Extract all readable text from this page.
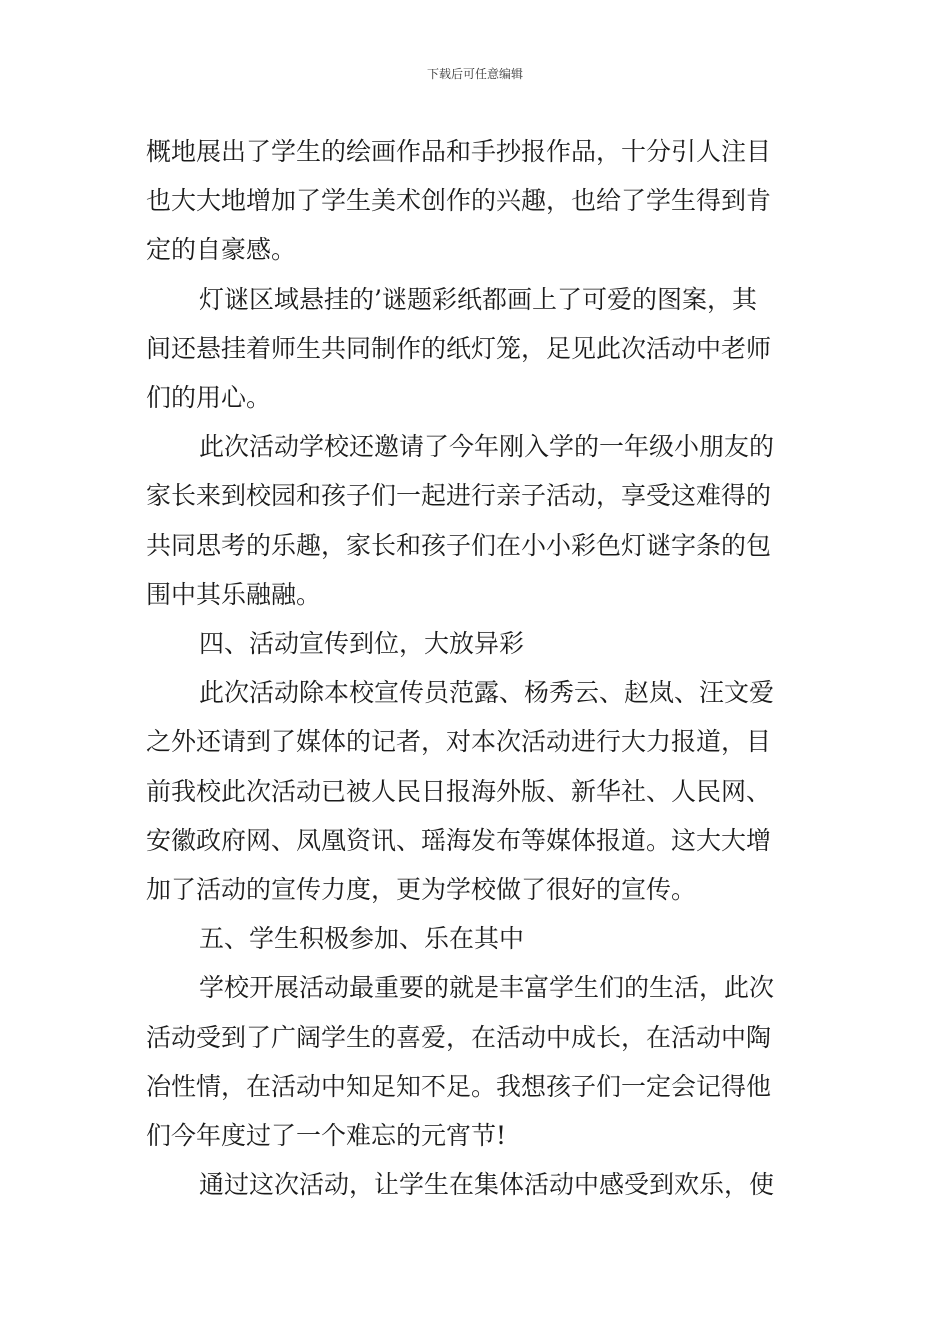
下载后可任意编辑
概地展出了学生的绘画作品和手抄报作品，十分引人注目
也大大地增加了学生美术创作的兴趣，也给了学生得到肯
定的自豪感。
灯谜区域悬挂的’谜题彩纸都画上了可爱的图案，其
间还悬挂着师生共同制作的纸灯笼，足见此次活动中老师
们的用心。
此次活动学校还邀请了今年刚入学的一年级小朋友的
家长来到校园和孩子们一起进行亲子活动，享受这难得的
共同思考的乐趣，家长和孩子们在小小彩色灯谜字条的包
围中其乐融融。
四、活动宣传到位，大放异彩
此次活动除本校宣传员范露、杨秀云、赵岚、汪文爱
之外还请到了媒体的记者，对本次活动进行大力报道，目
前我校此次活动已被人民日报海外版、新华社、人民网、
安徽政府网、凤凰资讯、瑶海发布等媒体报道。这大大增
加了活动的宣传力度，更为学校做了很好的宣传。
五、学生积极参加、乐在其中
学校开展活动最重要的就是丰富学生们的生活，此次
活动受到了广阔学生的喜爱，在活动中成长，在活动中陶
冶性情，在活动中知足知不足。我想孩子们一定会记得他
们今年度过了一个难忘的元宵节!
通过这次活动，让学生在集体活动中感受到欢乐，使
